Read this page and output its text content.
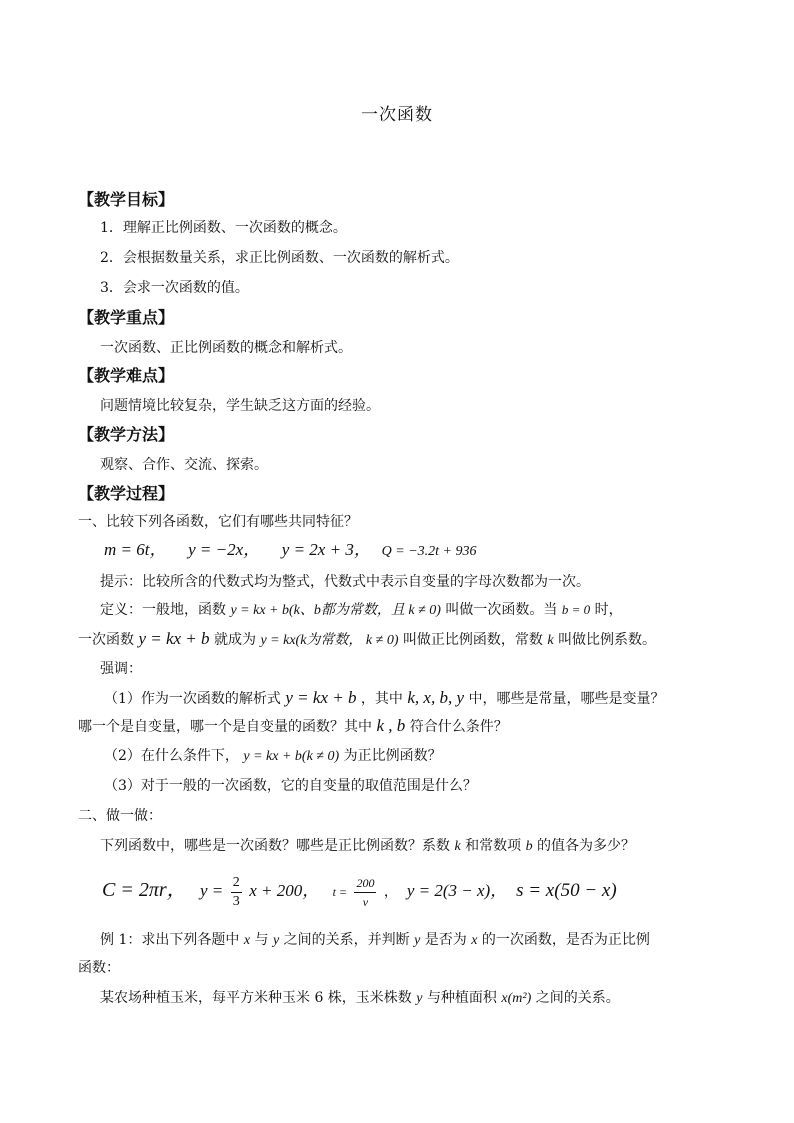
一次函数
【教学目标】
1．理解正比例函数、一次函数的概念。
2．会根据数量关系，求正比例函数、一次函数的解析式。
3．会求一次函数的值。
【教学重点】
一次函数、正比例函数的概念和解析式。
【教学难点】
问题情境比较复杂，学生缺乏这方面的经验。
【教学方法】
观察、合作、交流、探索。
【教学过程】
一、比较下列各函数，它们有哪些共同特征？
m = 6t， y = −2x， y = 2x + 3， Q = −3.2t + 936
提示：比较所含的代数式均为整式，代数式中表示自变量的字母次数都为一次。
定义：一般地，函数 y = kx + b(k、b都为常数，且 k ≠ 0) 叫做一次函数。当 b = 0 时，
一次函数 y = kx + b 就成为 y = kx(k为常数， k ≠ 0) 叫做正比例函数，常数 k 叫做比例系数。
强调：
（1）作为一次函数的解析式 y = kx + b ，其中 k, x, b, y 中，哪些是常量，哪些是变量？
哪一个是自变量，哪一个是自变量的函数？其中 k , b 符合什么条件？
（2）在什么条件下， y = kx + b(k ≠ 0) 为正比例函数？
（3）对于一般的一次函数，它的自变量的取值范围是什么？
二、做一做：
下列函数中，哪些是一次函数？哪些是正比例函数？系数 k 和常数项 b 的值各为多少？
C = 2πr， $y = \frac{2}{3}$ x + 200， $t = \frac{200}{v}$ ， y = 2(3 − x)， s = x(50 − x)
例 1：求出下列各题中 x 与 y 之间的关系，并判断 y 是否为 x 的一次函数，是否为正比例
函数：
某农场种植玉米，每平方米种玉米 6 株，玉米株数 y 与种植面积 x(m²) 之间的关系。
